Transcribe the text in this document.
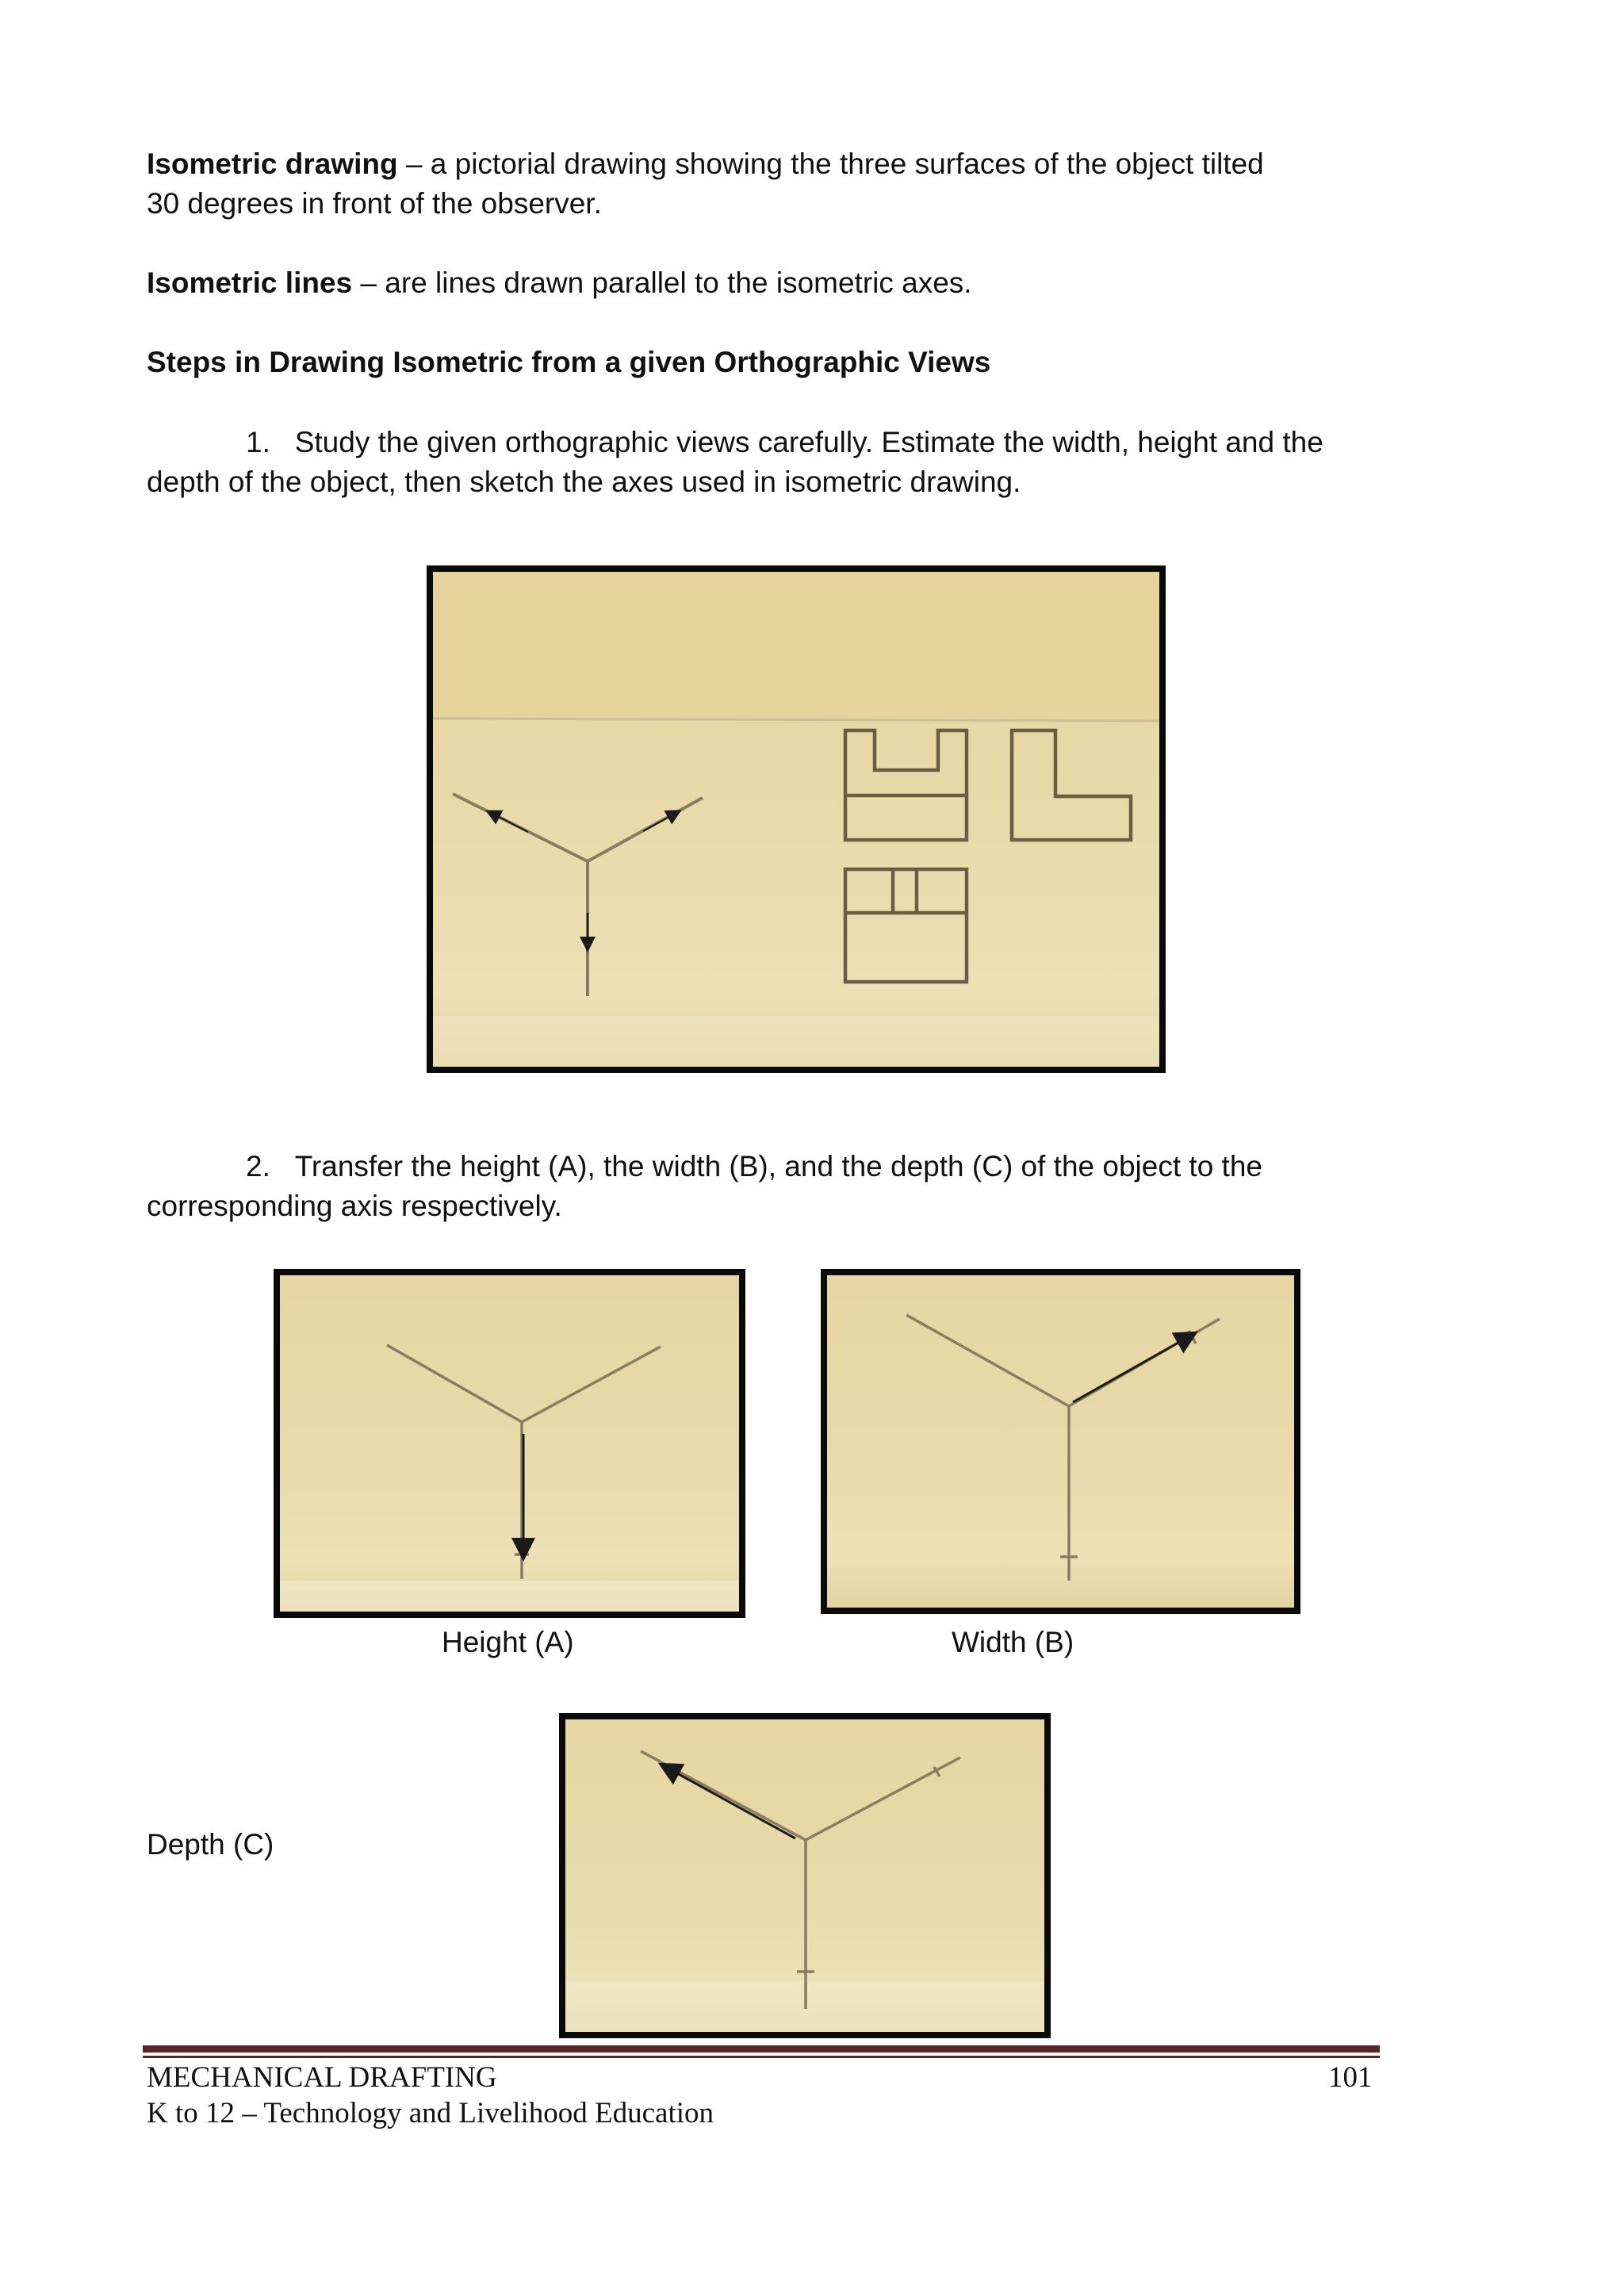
Isometric drawing – a pictorial drawing showing the three surfaces of the object tilted
30 degrees in front of the observer.
Isometric lines – are lines drawn parallel to the isometric axes.
Steps in Drawing Isometric from a given Orthographic Views
1. Study the given orthographic views carefully. Estimate the width, height and the
depth of the object, then sketch the axes used in isometric drawing.
2. Transfer the height (A), the width (B), and the depth (C) of the object to the
corresponding axis respectively.
Height (A)	Width (B)
Depth (C)
MECHANICAL DRAFTING	101
K to 12 – Technology and Livelihood Education
